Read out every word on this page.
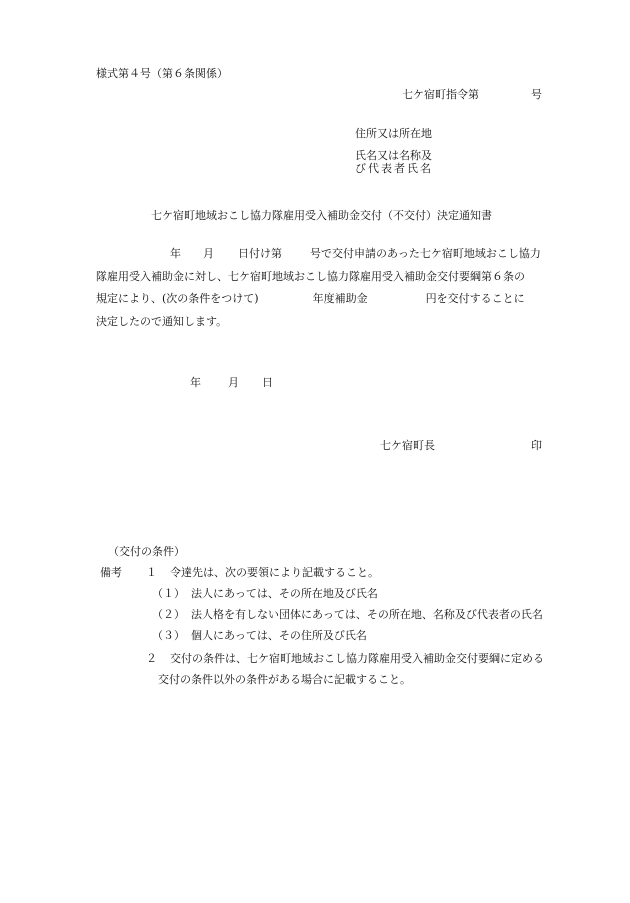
様式第４号（第６条関係）
七ケ宿町指令第	号
住所又は所在地
氏名又は名称及
び代表者氏名
七ケ宿町地域おこし協力隊雇用受入補助金交付（不交付）決定通知書
年 月 日付け第	号で交付申請のあった七ケ宿町地域おこし協力
隊雇用受入補助金に対し、七ケ宿町地域おこし協力隊雇用受入補助金交付要綱第６条の
規定により、(次の条件をつけて)	年度補助金	円を交付することに
決定したので通知します。
年 月 日
七ケ宿町長	印
（交付の条件）
備考 １ 令達先は、次の要領により記載すること。
（１） 法人にあっては、その所在地及び氏名
（２） 法人格を有しない団体にあっては、その所在地、名称及び代表者の氏名
（３） 個人にあっては、その住所及び氏名
２ 交付の条件は、七ケ宿町地域おこし協力隊雇用受入補助金交付要綱に定める
交付の条件以外の条件がある場合に記載すること。
